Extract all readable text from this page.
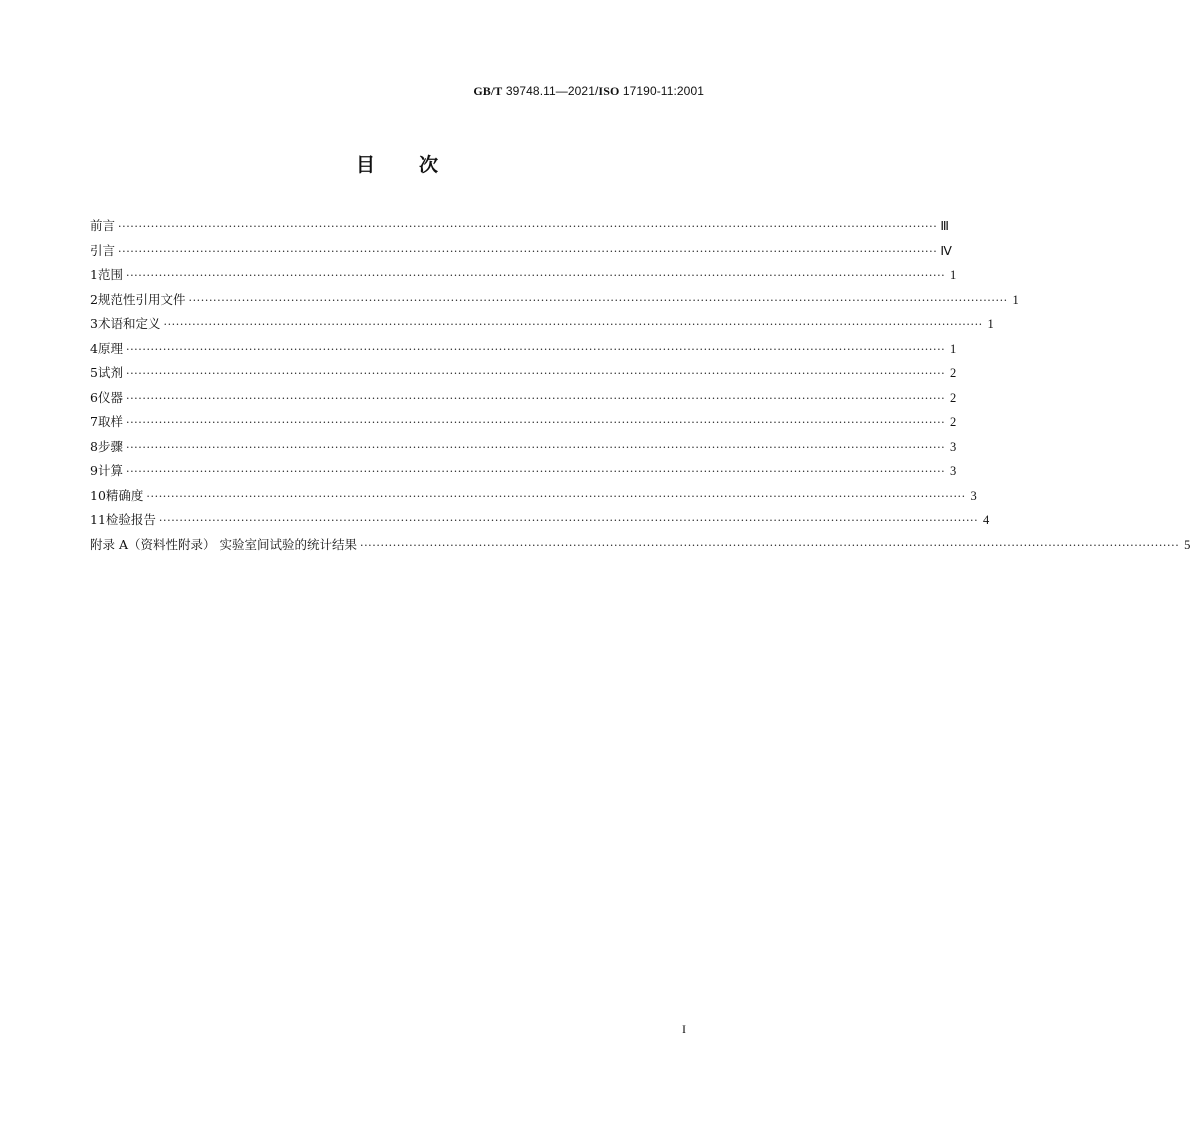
GB/T 39748.11—2021/ISO 17190-11:2001
目次
前言 ········································································································································································································ Ⅲ
引言 ········································································································································································································ Ⅳ
1 范围 ········································································································································································································ 1
2 规范性引用文件 ········································································································································································································ 1
3 术语和定义 ········································································································································································································ 1
4 原理 ········································································································································································································ 1
5 试剂 ········································································································································································································ 2
6 仪器 ········································································································································································································ 2
7 取样 ········································································································································································································ 2
8 步骤 ········································································································································································································ 3
9 计算 ········································································································································································································ 3
10 精确度 ········································································································································································································ 3
11 检验报告 ········································································································································································································ 4
附录 A（资料性附录） 实验室间试验的统计结果 ········································································································································································································ 5
I
